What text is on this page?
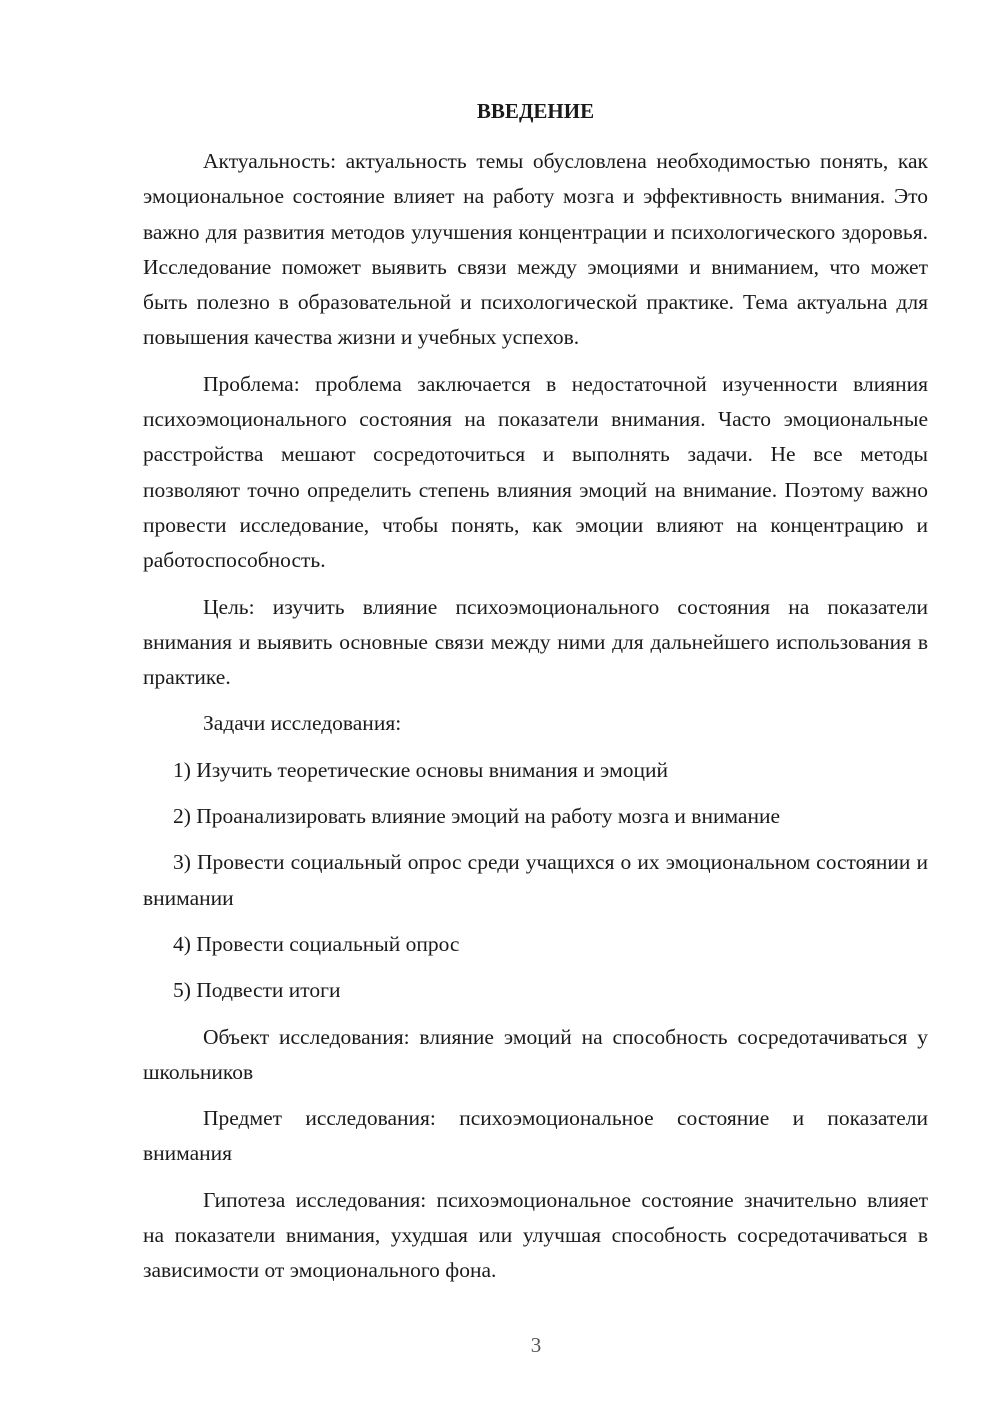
ВВЕДЕНИЕ

Актуальность: актуальность темы обусловлена необходимостью понять, как эмоциональное состояние влияет на работу мозга и эффективность внимания. Это важно для развития методов улучшения концентрации и психологического здоровья. Исследование поможет выявить связи между эмоциями и вниманием, что может быть полезно в образовательной и психологической практике. Тема актуальна для повышения качества жизни и учебных успехов.

Проблема: проблема заключается в недостаточной изученности влияния психоэмоционального состояния на показатели внимания. Часто эмоциональные расстройства мешают сосредоточиться и выполнять задачи. Не все методы позволяют точно определить степень влияния эмоций на внимание. Поэтому важно провести исследование, чтобы понять, как эмоции влияют на концентрацию и работоспособность.

Цель: изучить влияние психоэмоционального состояния на показатели внимания и выявить основные связи между ними для дальнейшего использования в практике.

Задачи исследования:

1) Изучить теоретические основы внимания и эмоций

2) Проанализировать влияние эмоций на работу мозга и внимание

3) Провести социальный опрос среди учащихся о их эмоциональном состоянии и внимании

4) Провести социальный опрос

5) Подвести итоги

Объект исследования: влияние эмоций на способность сосредотачиваться у школьников

Предмет исследования: психоэмоциональное состояние и показатели внимания

Гипотеза исследования: психоэмоциональное состояние значительно влияет на показатели внимания, ухудшая или улучшая способность сосредотачиваться в зависимости от эмоционального фона.

3
